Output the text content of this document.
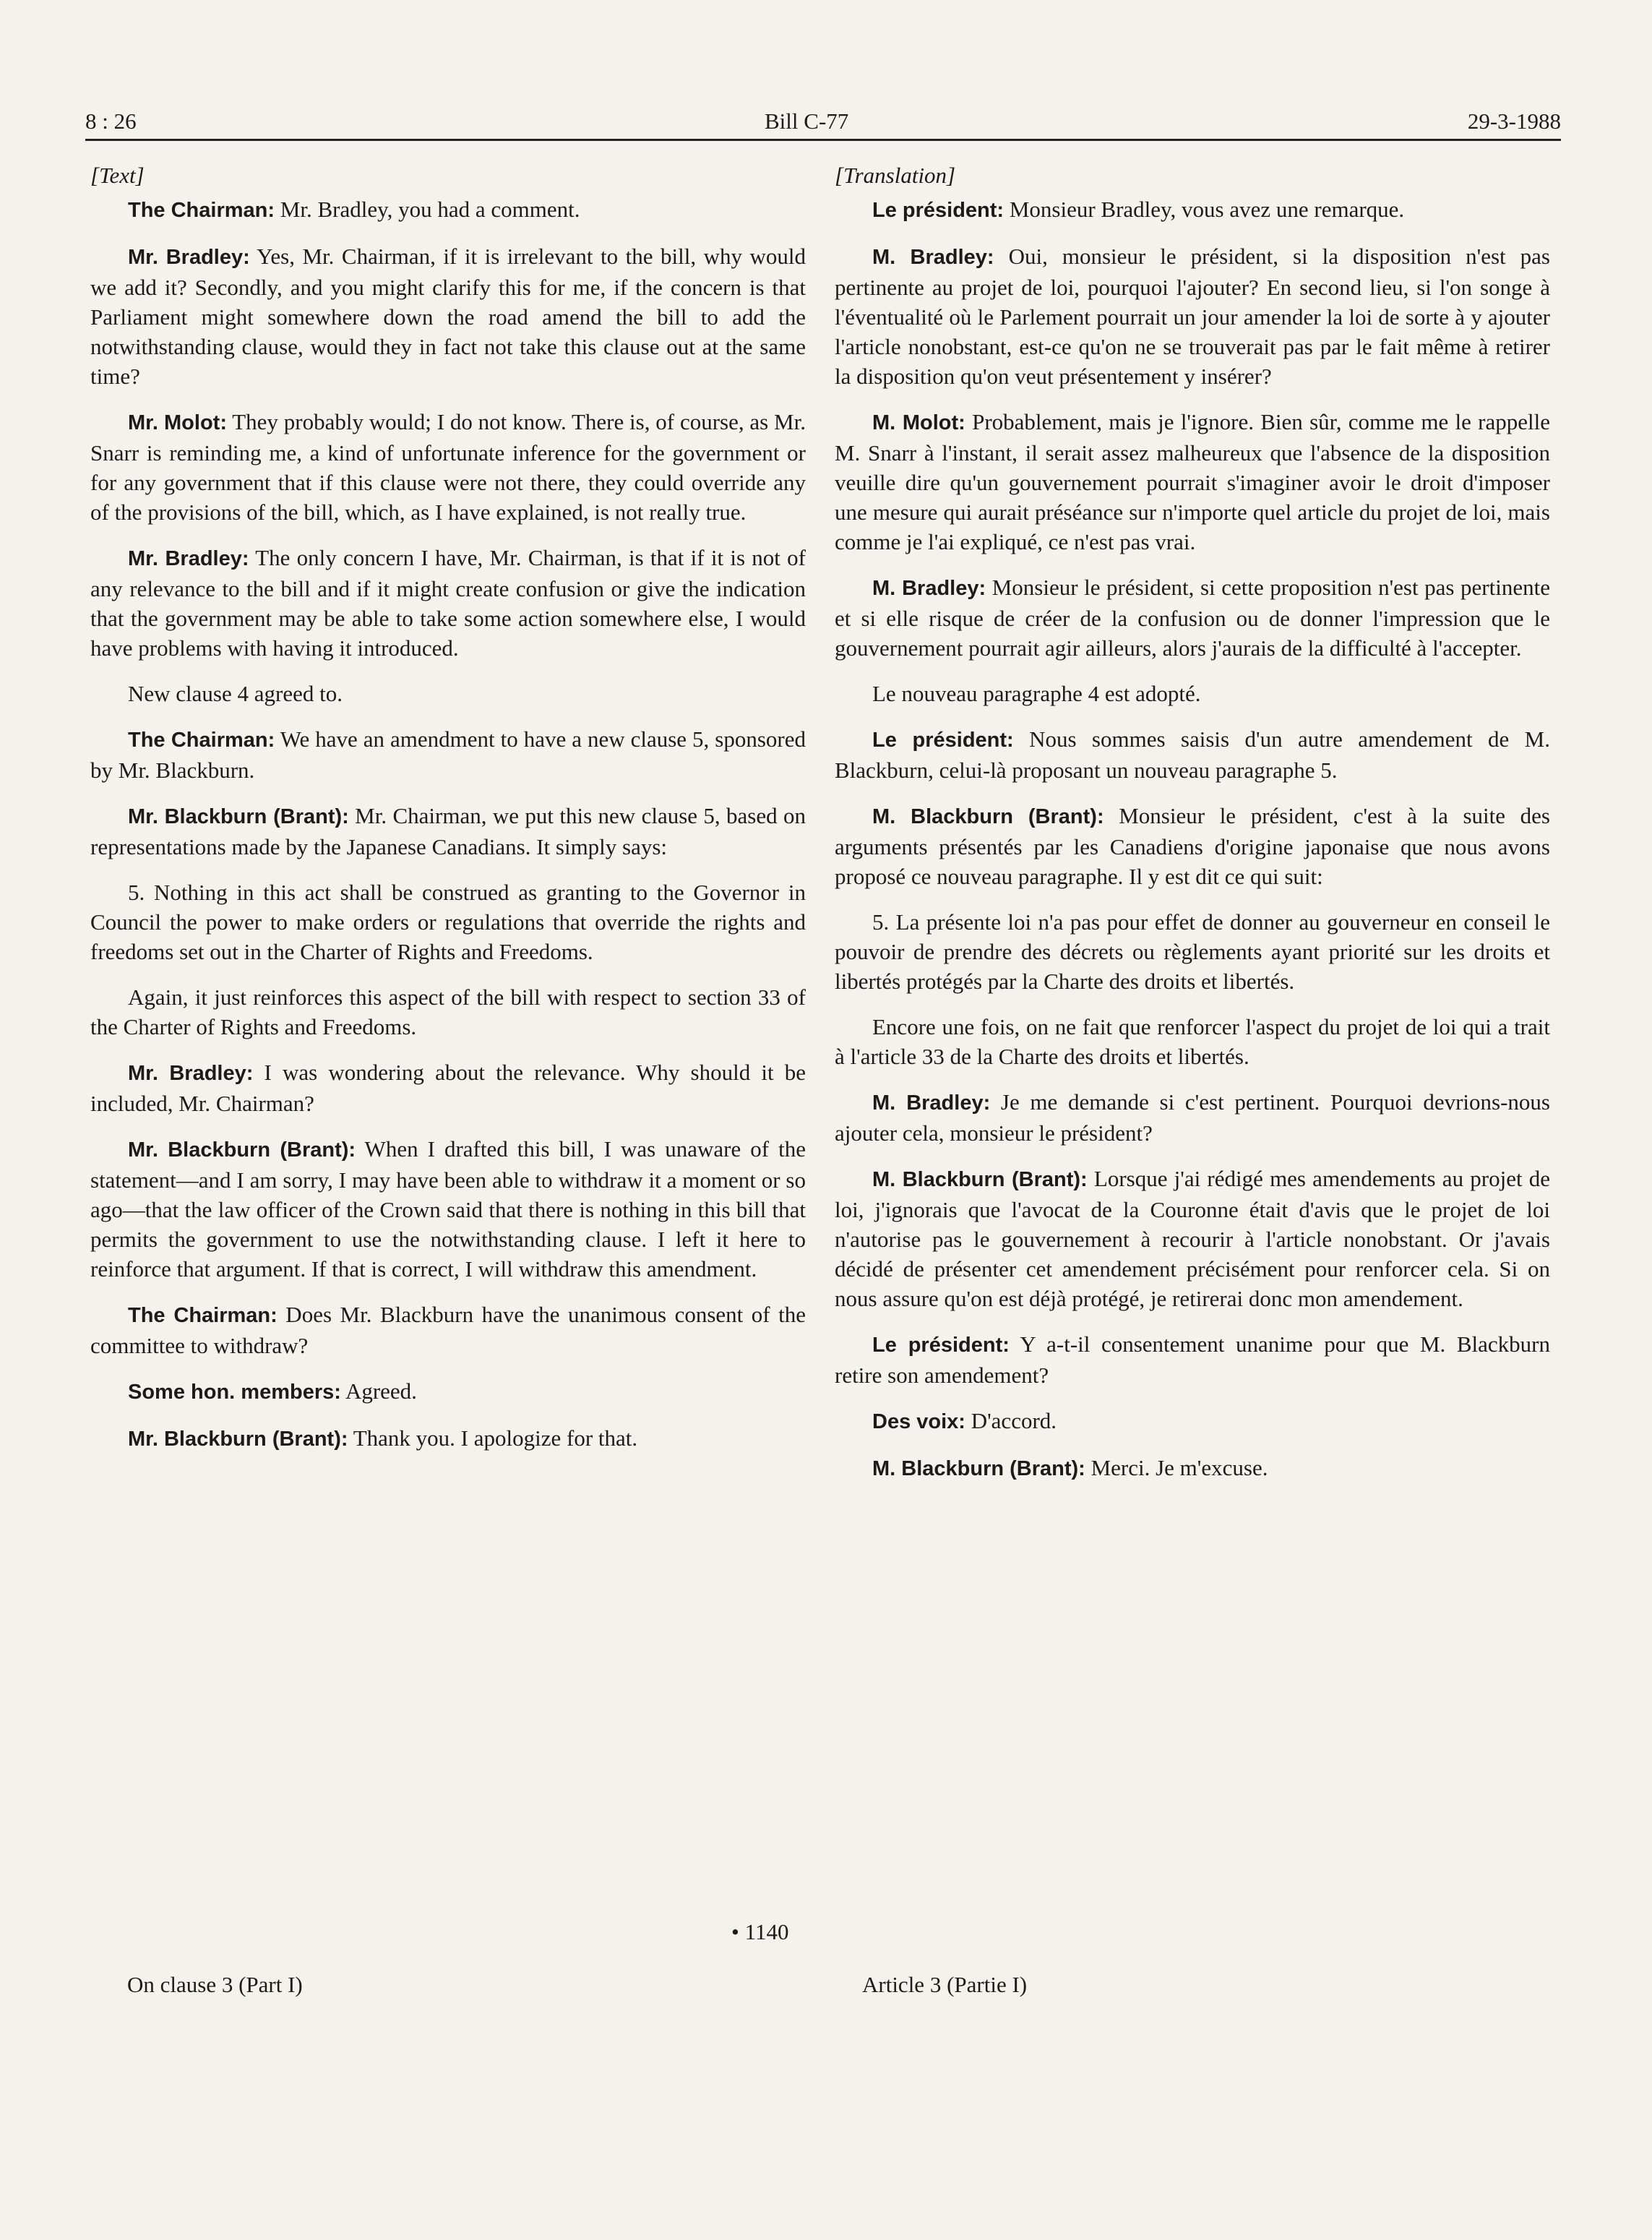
8 : 26	Bill C-77	29-3-1988

[Text]

The Chairman: Mr. Bradley, you had a comment.

Mr. Bradley: Yes, Mr. Chairman, if it is irrelevant to the bill, why would we add it? Secondly, and you might clarify this for me, if the concern is that Parliament might somewhere down the road amend the bill to add the notwithstanding clause, would they in fact not take this clause out at the same time?

Mr. Molot: They probably would; I do not know. There is, of course, as Mr. Snarr is reminding me, a kind of unfortunate inference for the government or for any government that if this clause were not there, they could override any of the provisions of the bill, which, as I have explained, is not really true.

Mr. Bradley: The only concern I have, Mr. Chairman, is that if it is not of any relevance to the bill and if it might create confusion or give the indication that the government may be able to take some action somewhere else, I would have problems with having it introduced.

New clause 4 agreed to.

The Chairman: We have an amendment to have a new clause 5, sponsored by Mr. Blackburn.

Mr. Blackburn (Brant): Mr. Chairman, we put this new clause 5, based on representations made by the Japanese Canadians. It simply says:

5. Nothing in this act shall be construed as granting to the Governor in Council the power to make orders or regulations that override the rights and freedoms set out in the Charter of Rights and Freedoms.

Again, it just reinforces this aspect of the bill with respect to section 33 of the Charter of Rights and Freedoms.

Mr. Bradley: I was wondering about the relevance. Why should it be included, Mr. Chairman?

Mr. Blackburn (Brant): When I drafted this bill, I was unaware of the statement—and I am sorry, I may have been able to withdraw it a moment or so ago—that the law officer of the Crown said that there is nothing in this bill that permits the government to use the notwithstanding clause. I left it here to reinforce that argument. If that is correct, I will withdraw this amendment.

The Chairman: Does Mr. Blackburn have the unanimous consent of the committee to withdraw?

Some hon. members: Agreed.

Mr. Blackburn (Brant): Thank you. I apologize for that.

[Translation]

Le président: Monsieur Bradley, vous avez une remarque.

M. Bradley: Oui, monsieur le président, si la disposition n'est pas pertinente au projet de loi, pourquoi l'ajouter? En second lieu, si l'on songe à l'éventualité où le Parlement pourrait un jour amender la loi de sorte à y ajouter l'article nonobstant, est-ce qu'on ne se trouverait pas par le fait même à retirer la disposition qu'on veut présentement y insérer?

M. Molot: Probablement, mais je l'ignore. Bien sûr, comme me le rappelle M. Snarr à l'instant, il serait assez malheureux que l'absence de la disposition veuille dire qu'un gouvernement pourrait s'imaginer avoir le droit d'imposer une mesure qui aurait préséance sur n'importe quel article du projet de loi, mais comme je l'ai expliqué, ce n'est pas vrai.

M. Bradley: Monsieur le président, si cette proposition n'est pas pertinente et si elle risque de créer de la confusion ou de donner l'impression que le gouvernement pourrait agir ailleurs, alors j'aurais de la difficulté à l'accepter.

Le nouveau paragraphe 4 est adopté.

Le président: Nous sommes saisis d'un autre amendement de M. Blackburn, celui-là proposant un nouveau paragraphe 5.

M. Blackburn (Brant): Monsieur le président, c'est à la suite des arguments présentés par les Canadiens d'origine japonaise que nous avons proposé ce nouveau paragraphe. Il y est dit ce qui suit:

5. La présente loi n'a pas pour effet de donner au gouverneur en conseil le pouvoir de prendre des décrets ou règlements ayant priorité sur les droits et libertés protégés par la Charte des droits et libertés.

Encore une fois, on ne fait que renforcer l'aspect du projet de loi qui a trait à l'article 33 de la Charte des droits et libertés.

M. Bradley: Je me demande si c'est pertinent. Pourquoi devrions-nous ajouter cela, monsieur le président?

M. Blackburn (Brant): Lorsque j'ai rédigé mes amendements au projet de loi, j'ignorais que l'avocat de la Couronne était d'avis que le projet de loi n'autorise pas le gouvernement à recourir à l'article nonobstant. Or j'avais décidé de présenter cet amendement précisément pour renforcer cela. Si on nous assure qu'on est déjà protégé, je retirerai donc mon amendement.

Le président: Y a-t-il consentement unanime pour que M. Blackburn retire son amendement?

Des voix: D'accord.

M. Blackburn (Brant): Merci. Je m'excuse.

• 1140
On clause 3 (Part I)	Article 3 (Partie I)
